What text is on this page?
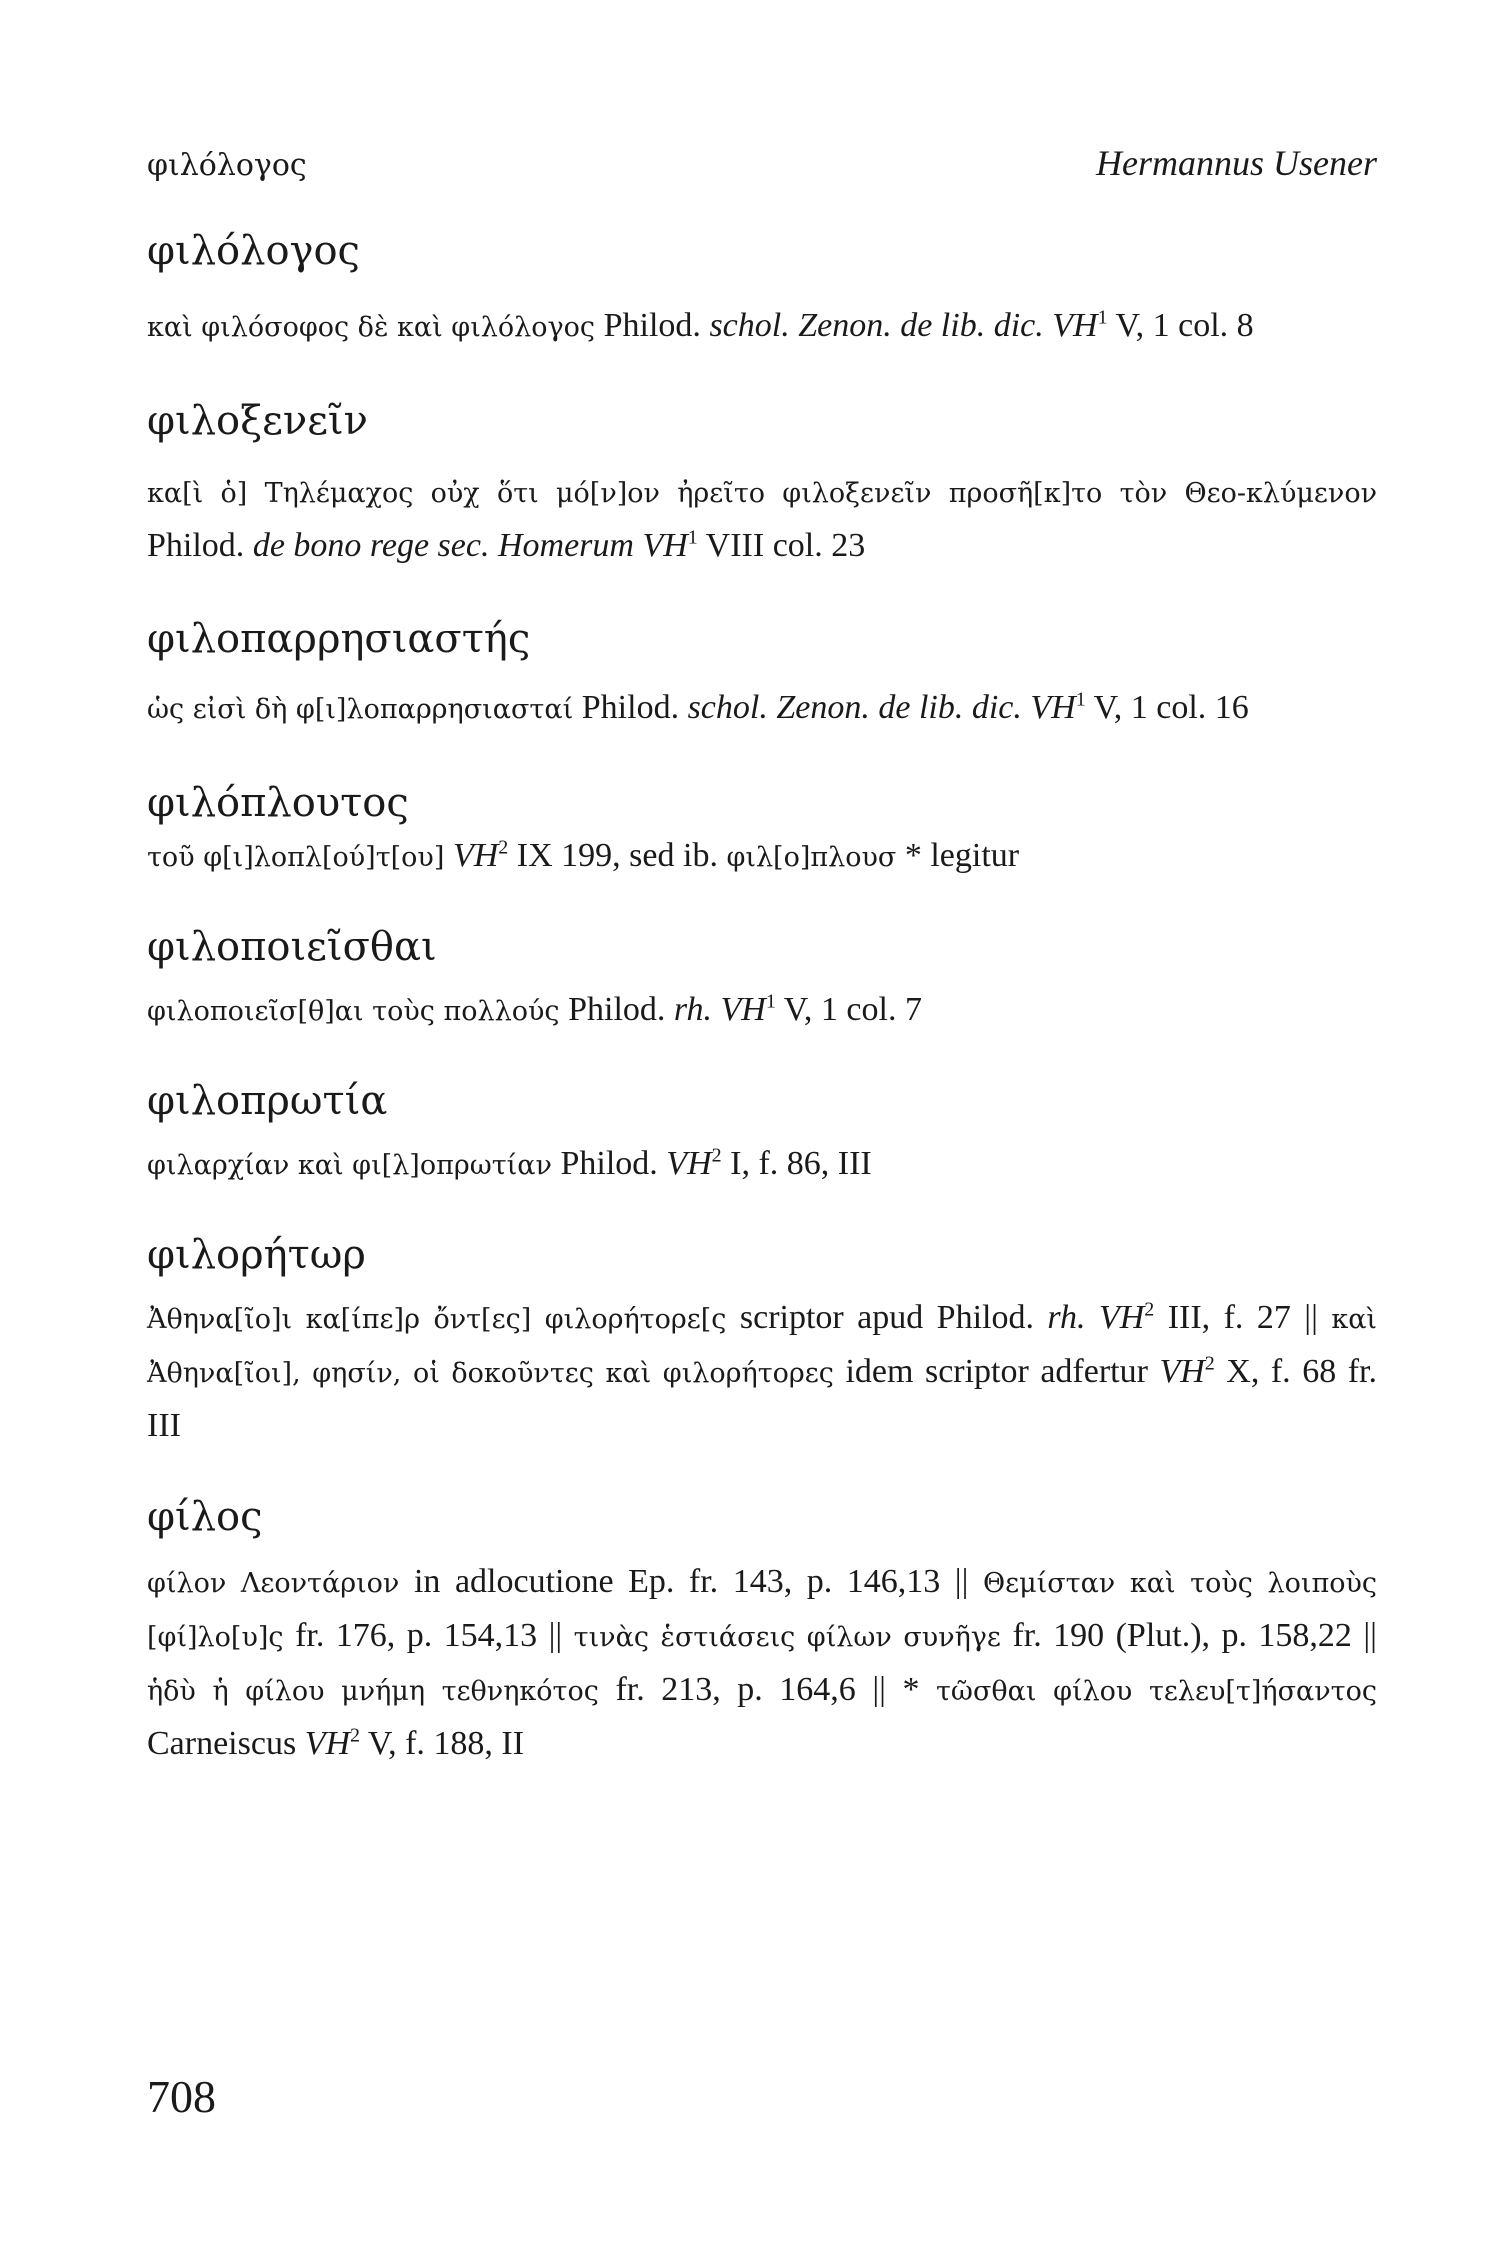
φιλόλογος	Hermannus Usener
φιλόλογος

καὶ φιλόσοφος δὲ καὶ φιλόλογος Philod. schol. Zenon. de lib. dic. $VH^1$ V, 1 col. 8

φιλοξενεῖν

κα[ὶ ὁ] Τηλέμαχος οὐχ ὅτι μό[ν]ον ἠρεῖτο φιλοξενεῖν προσῆ[κ]το τὸν Θεο-κλύμενον Philod. de bono rege sec. Homerum $VH^1$ VIII col. 23

φιλοπαρρησιαστής

ὡς εἰσὶ δὴ φ[ι]λοπαρρησιασταί Philod. schol. Zenon. de lib. dic. $VH^1$ V, 1 col. 16

φιλόπλουτος

τοῦ φ[ι]λοπλ[ού]τ[ου] $VH^2$ IX 199, sed ib. φιλ[ο]πλουσ * legitur

φιλοποιεῖσθαι

φιλοποιεῖσ[θ]αι τοὺς πολλούς Philod. rh. $VH^1$ V, 1 col. 7

φιλοπρωτία

φιλαρχίαν καὶ φι[λ]οπρωτίαν Philod. $VH^2$ I, f. 86, III

φιλορήτωρ

Ἀθηνα[ῖο]ι κα[ίπε]ρ ὄντ[ες] φιλορήτορε[ς scriptor apud Philod. rh. $VH^2$ III, f. 27 || καὶ Ἀθηνα[ῖοι], φησίν, οἱ δοκοῦντες καὶ φιλορήτορες idem scriptor adfertur $VH^2$ X, f. 68 fr. III

φίλος

φίλον Λεοντάριον in adlocutione Ep. fr. 143, p. 146,13 || Θεμίσταν καὶ τοὺς λοιποὺς [φί]λο[υ]ς fr. 176, p. 154,13 || τινὰς ἑστιάσεις φίλων συνῆγε fr. 190 (Plut.), p. 158,22 || ἡδὺ ἡ φίλου μνήμη τεθνηκότος fr. 213, p. 164,6 || * τῶσθαι φίλου τελευ[τ]ήσαντος Carneiscus $VH^2$ V, f. 188, II

708
